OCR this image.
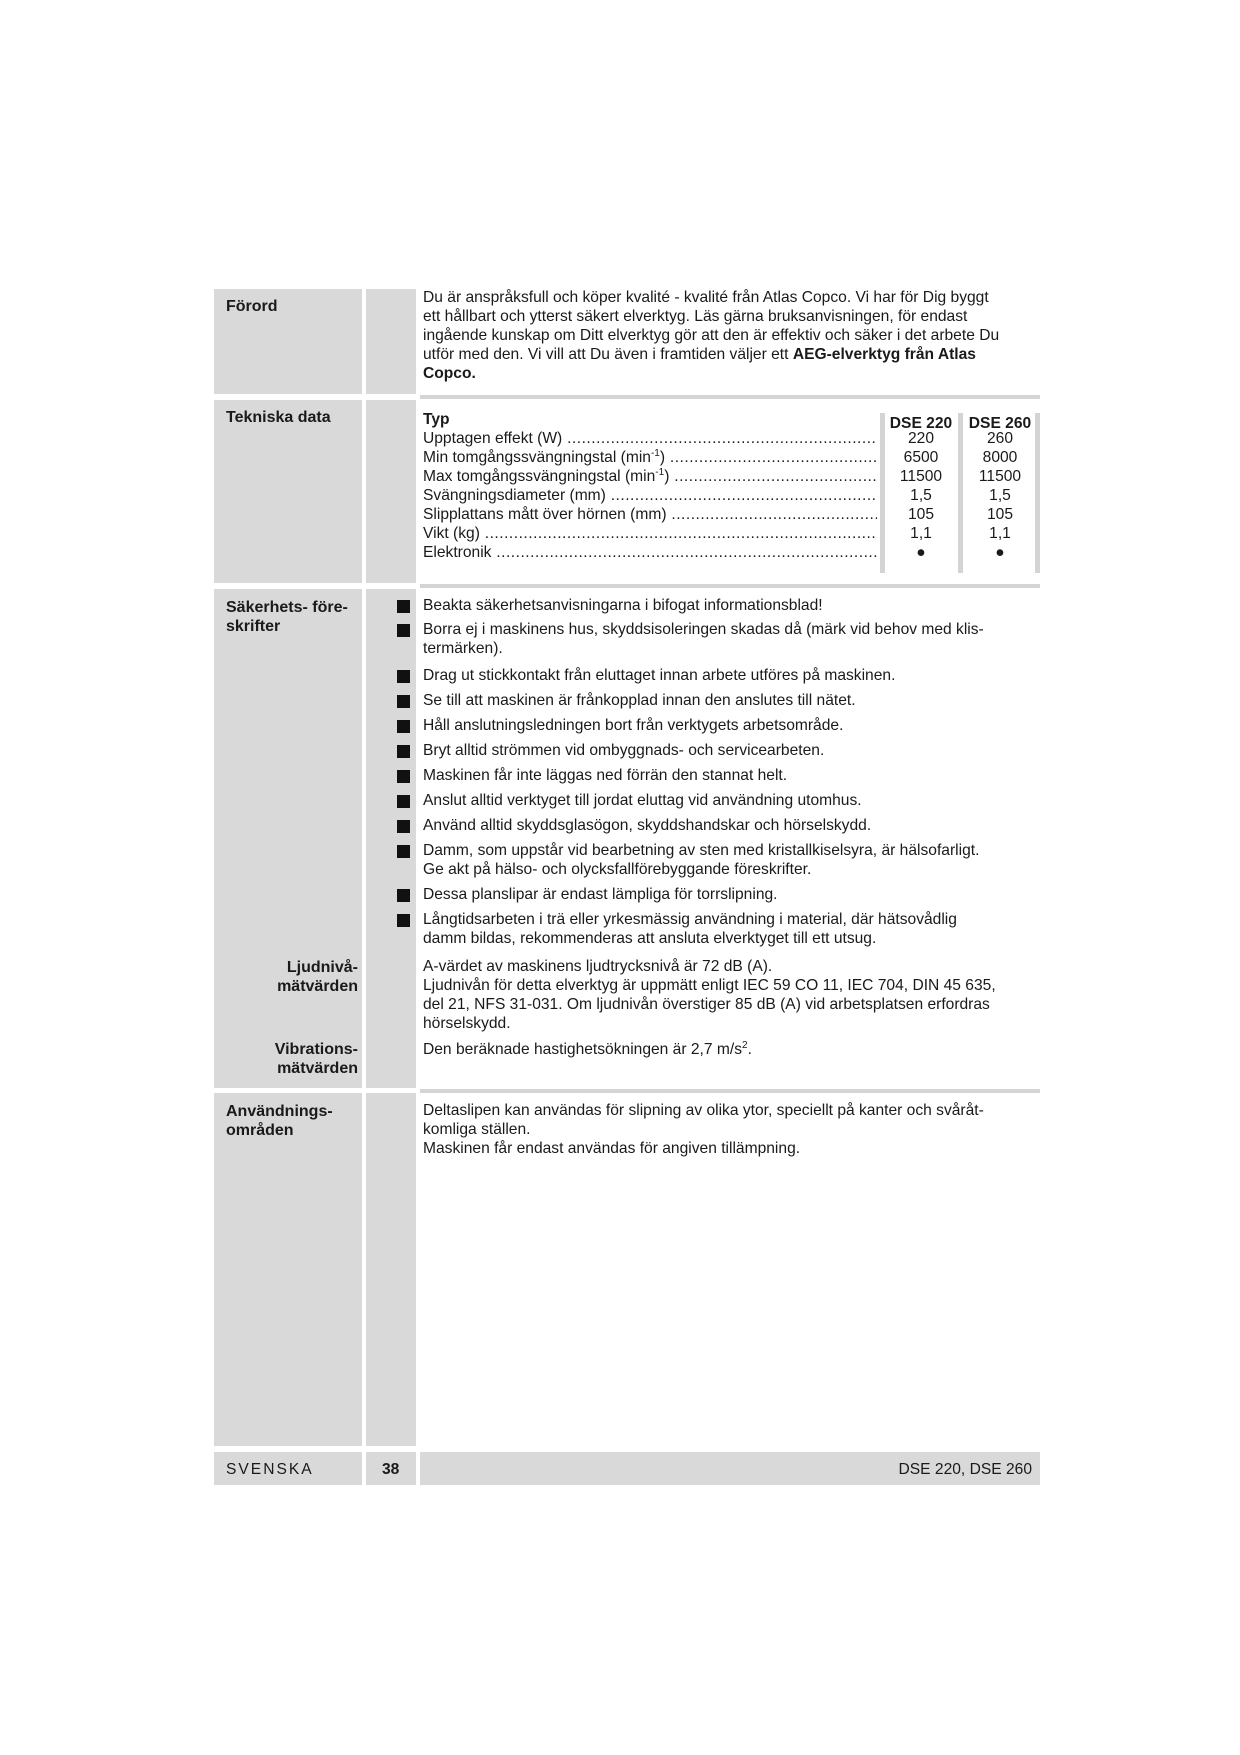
Förord
Tekniska data
Säkerhets- före-
skrifter
Ljudnivå-
mätvärden
Vibrations-
mätvärden
Användnings-
områden
Du är anspråksfull och köper kvalité - kvalité från Atlas Copco. Vi har för Dig byggt
ett hållbart och ytterst säkert elverktyg. Läs gärna bruksanvisningen, för endast
ingående kunskap om Ditt elverktyg gör att den är effektiv och säker i det arbete Du
utför med den. Vi vill att Du även i framtiden väljer ett AEG-elverktyg från Atlas
Copco.
Typ	DSE 220	DSE 260
Upptagen effekt (W) .....	220	260
Min tomgångssvängningstal $(\min^{-1})$ .....	6500	8000
Max tomgångssvängningstal $(\min^{-1})$ .....	11500	11500
Svängningsdiameter (mm) .....	1,5	1,5
Slipplattans mått över hörnen (mm) .....	105	105
Vikt (kg) .....	1,1	1,1
Elektronik .....	●	●
Beakta säkerhetsanvisningarna i bifogat informationsblad!
Borra ej i maskinens hus, skyddsisoleringen skadas då (märk vid behov med klis-
termärken).
Drag ut stickkontakt från eluttaget innan arbete utföres på maskinen.
Se till att maskinen är frånkopplad innan den anslutes till nätet.
Håll anslutningsledningen bort från verktygets arbetsområde.
Bryt alltid strömmen vid ombyggnads- och servicearbeten.
Maskinen får inte läggas ned förrän den stannat helt.
Anslut alltid verktyget till jordat eluttag vid användning utomhus.
Använd alltid skyddsglasögon, skyddshandskar och hörselskydd.
Damm, som uppstår vid bearbetning av sten med kristallkiselsyra, är hälsofarligt.
Ge akt på hälso- och olycksfallförebyggande föreskrifter.
Dessa planslipar är endast lämpliga för torrslipning.
Långtidsarbeten i trä eller yrkesmässig användning i material, där hätsovådlig
damm bildas, rekommenderas att ansluta elverktyget till ett utsug.
A-värdet av maskinens ljudtrycksnivå är 72 dB (A).
Ljudnivån för detta elverktyg är uppmätt enligt IEC 59 CO 11, IEC 704, DIN 45 635,
del 21, NFS 31-031. Om ljudnivån överstiger 85 dB (A) vid arbetsplatsen erfordras
hörselskydd.
Den beräknade hastighetsökningen är 2,7 $m/s^2$.
Deltaslipen kan användas för slipning av olika ytor, speciellt på kanter och svåråt-
komliga ställen.
Maskinen får endast användas för angiven tillämpning.
SVENSKA	38	DSE 220, DSE 260
